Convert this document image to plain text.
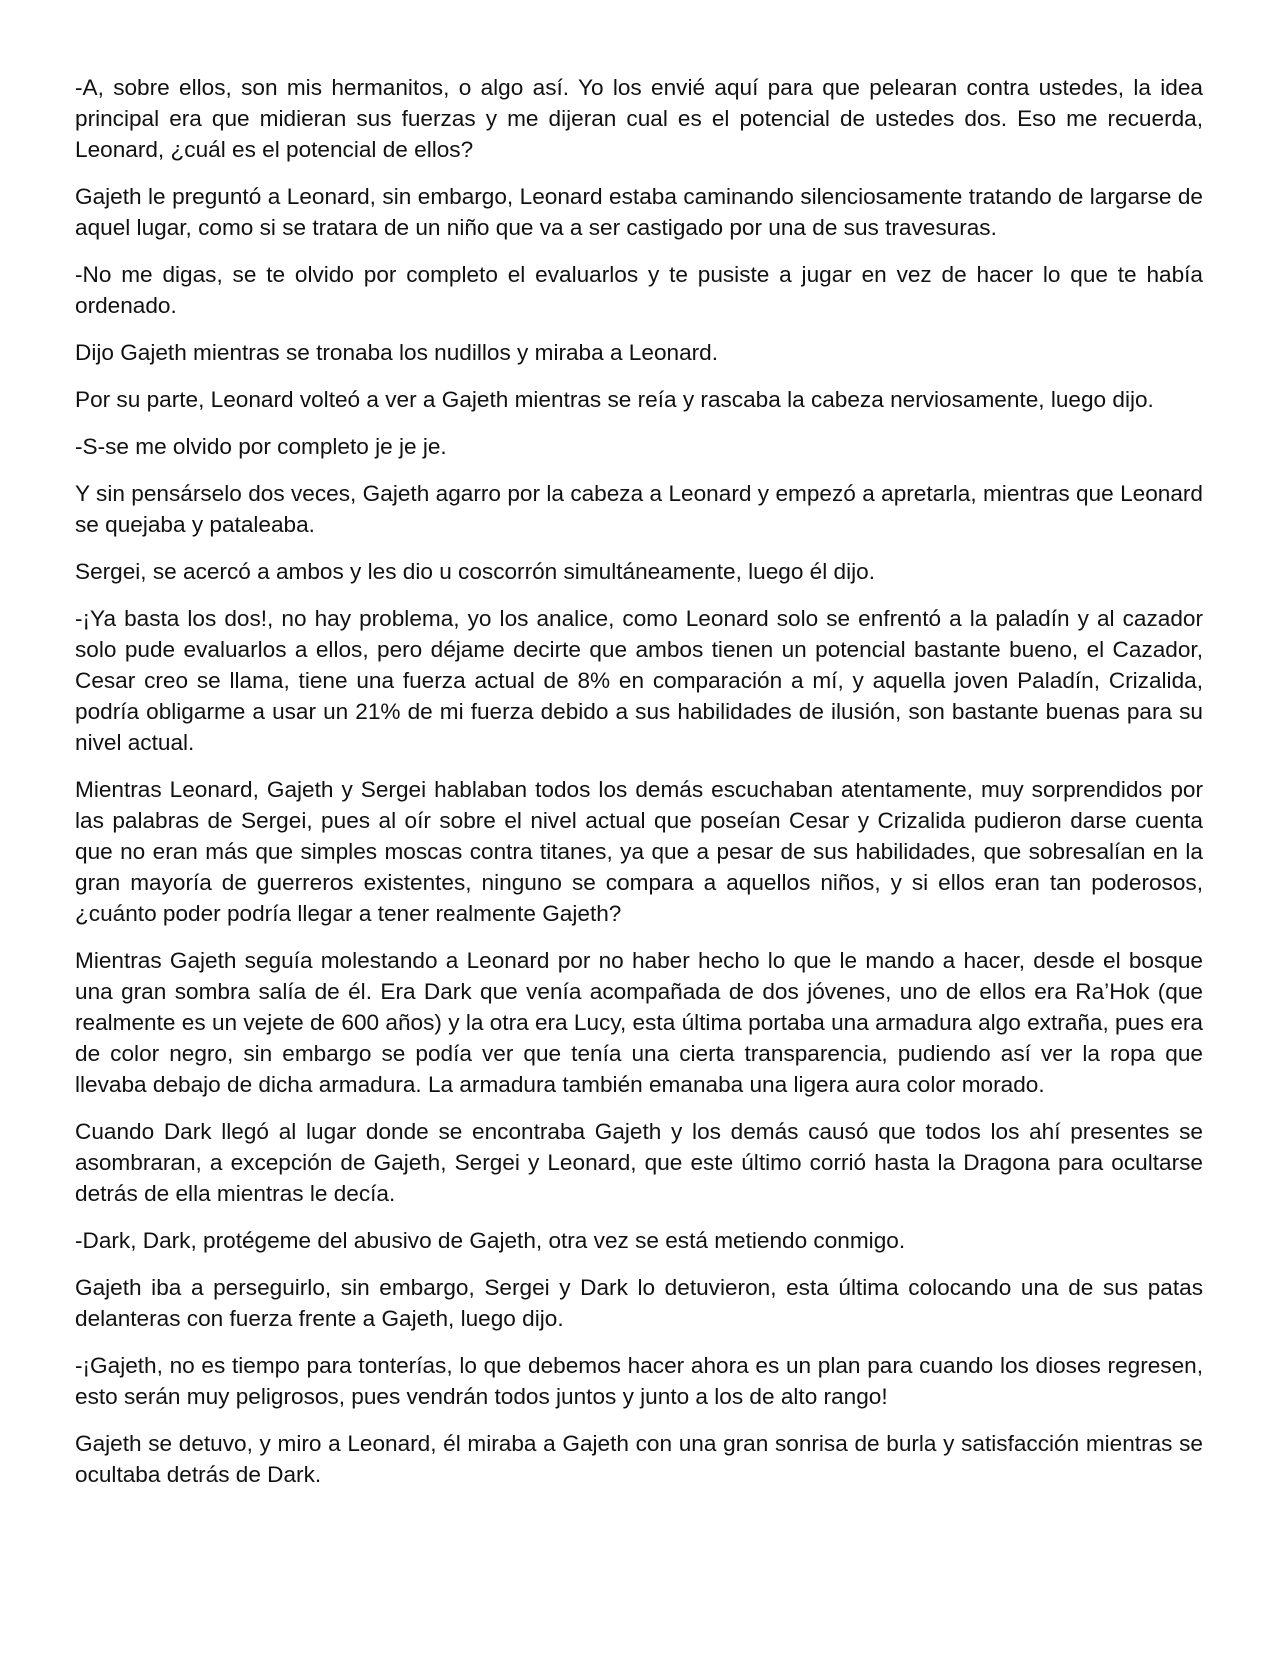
-A, sobre ellos, son mis hermanitos, o algo así. Yo los envié aquí para que pelearan contra ustedes, la idea principal era que midieran sus fuerzas y me dijeran cual es el potencial de ustedes dos. Eso me recuerda, Leonard, ¿cuál es el potencial de ellos?

Gajeth le preguntó a Leonard, sin embargo, Leonard estaba caminando silenciosamente tratando de largarse de aquel lugar, como si se tratara de un niño que va a ser castigado por una de sus travesuras.

-No me digas, se te olvido por completo el evaluarlos y te pusiste a jugar en vez de hacer lo que te había ordenado.

Dijo Gajeth mientras se tronaba los nudillos y miraba a Leonard.

Por su parte, Leonard volteó a ver a Gajeth mientras se reía y rascaba la cabeza nerviosamente, luego dijo.

-S-se me olvido por completo je je je.

Y sin pensárselo dos veces, Gajeth agarro por la cabeza a Leonard y empezó a apretarla, mientras que Leonard se quejaba y pataleaba.

Sergei, se acercó a ambos y les dio u coscorrón simultáneamente, luego él dijo.

-¡Ya basta los dos!, no hay problema, yo los analice, como Leonard solo se enfrentó a la paladín y al cazador solo pude evaluarlos a ellos, pero déjame decirte que ambos tienen un potencial bastante bueno, el Cazador, Cesar creo se llama, tiene una fuerza actual de 8% en comparación a mí, y aquella joven Paladín, Crizalida, podría obligarme a usar un 21% de mi fuerza debido a sus habilidades de ilusión, son bastante buenas para su nivel actual.

Mientras Leonard, Gajeth y Sergei hablaban todos los demás escuchaban atentamente, muy sorprendidos por las palabras de Sergei, pues al oír sobre el nivel actual que poseían Cesar y Crizalida pudieron darse cuenta que no eran más que simples moscas contra titanes, ya que a pesar de sus habilidades, que sobresalían en la gran mayoría de guerreros existentes, ninguno se compara a aquellos niños, y si ellos eran tan poderosos, ¿cuánto poder podría llegar a tener realmente Gajeth?

Mientras Gajeth seguía molestando a Leonard por no haber hecho lo que le mando a hacer, desde el bosque una gran sombra salía de él. Era Dark que venía acompañada de dos jóvenes, uno de ellos era Ra’Hok (que realmente es un vejete de 600 años) y la otra era Lucy, esta última portaba una armadura algo extraña, pues era de color negro, sin embargo se podía ver que tenía una cierta transparencia, pudiendo así ver la ropa que llevaba debajo de dicha armadura. La armadura también emanaba una ligera aura color morado.

Cuando Dark llegó al lugar donde se encontraba Gajeth y los demás causó que todos los ahí presentes se asombraran, a excepción de Gajeth, Sergei y Leonard, que este último corrió hasta la Dragona para ocultarse detrás de ella mientras le decía.

-Dark, Dark, protégeme del abusivo de Gajeth, otra vez se está metiendo conmigo.

Gajeth iba a perseguirlo, sin embargo, Sergei y Dark lo detuvieron, esta última colocando una de sus patas delanteras con fuerza frente a Gajeth, luego dijo.

-¡Gajeth, no es tiempo para tonterías, lo que debemos hacer ahora es un plan para cuando los dioses regresen, esto serán muy peligrosos, pues vendrán todos juntos y junto a los de alto rango!

Gajeth se detuvo, y miro a Leonard, él miraba a Gajeth con una gran sonrisa de burla y satisfacción mientras se ocultaba detrás de Dark.
